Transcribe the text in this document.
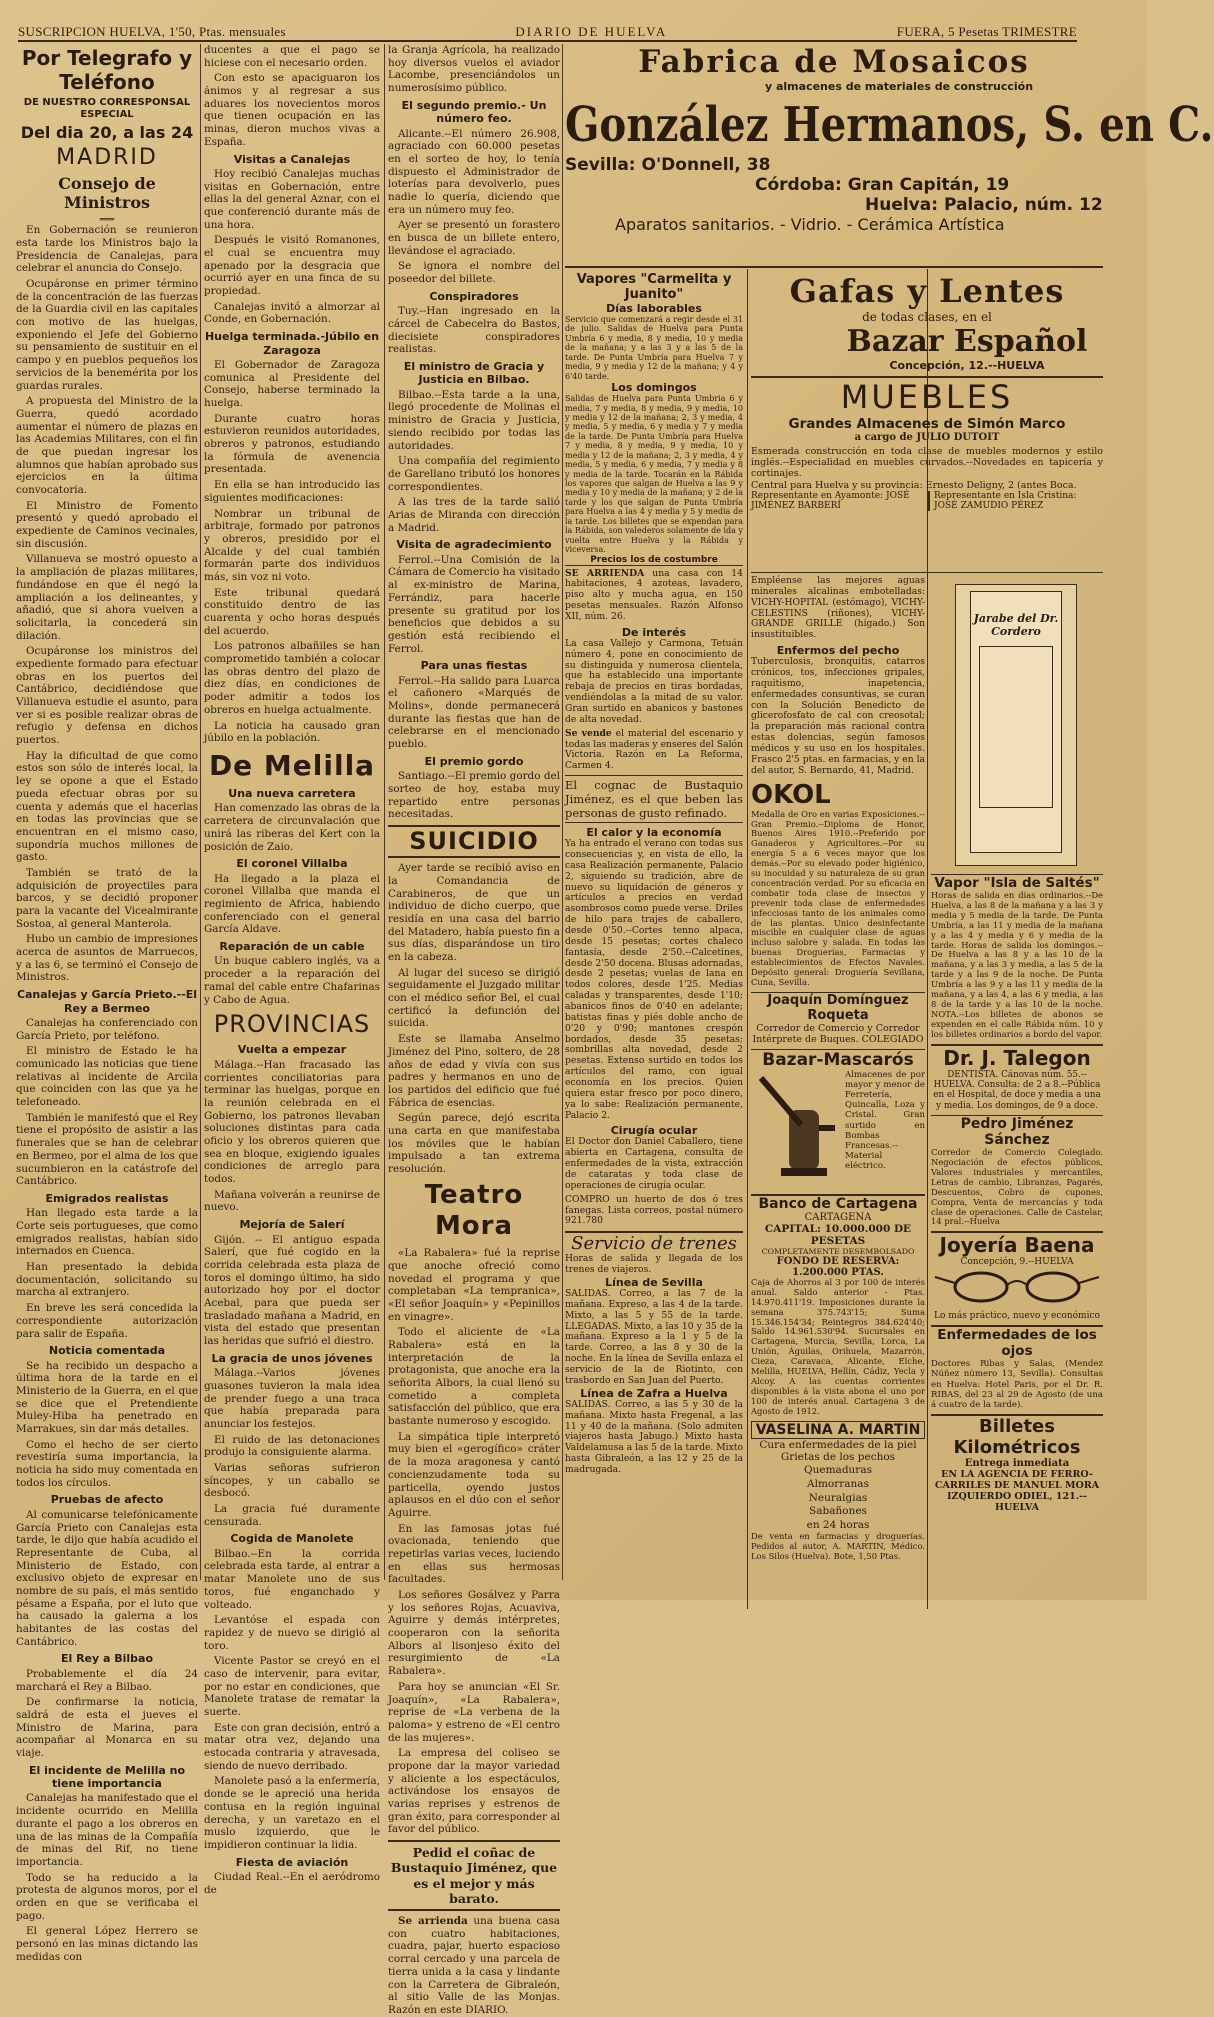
SUSCRIPCION HUELVA, 1'50, Ptas. mensuales	DIARIO DE HUELVA	FUERA, 5 Pesetas TRIMESTRE
Por Telegrafo y Teléfono
DE NUESTRO CORRESPONSAL ESPECIAL
Del dia 20, a las 24
MADRID
Consejo de Ministros
═══

En Gobernación se reunieron esta tarde los Ministros bajo la Presidencia de Canalejas, para celebrar el anuncia do Consejo.

Ocupáronse en primer término de la concentración de las fuerzas de la Guardia civil en las capitales con motivo de las huelgas, exponiendo el Jefe del Gobierno su pensamiento de sustituir en el campo y en pueblos pequeños los servicios de la benemérita por los guardas rurales.

A propuesta del Ministro de la Guerra, quedó acordado aumentar el número de plazas en las Academias Militares, con el fin de que puedan ingresar los alumnos que habían aprobado sus ejercicios en la última convocatoria.

El Ministro de Fomento presentó y quedó aprobado el expediente de Caminos vecinales, sin discusión.

Villanueva se mostró opuesto a la ampliación de plazas militares, fundándose en que él negó la ampliación a los delineantes, y añadió, que si ahora vuelven a solicitarla, la concederá sin dilación.

Ocupáronse los ministros del expediente formado para efectuar obras en los puertos del Cantábrico, decidiéndose que Villanueva estudie el asunto, para ver si es posible realizar obras de refugio y defensa en dichos puertos.

Hay la dificultad de que como estos son sólo de interés local, la ley se opone a que el Estado pueda efectuar obras por su cuenta y además que el hacerlas en todas las provincias que se encuentran en el mismo caso, supondría muchos millones de gasto.

También se trató de la adquisición de proyectiles para barcos, y se decidió proponer para la vacante del Vicealmirante Sostoa, al general Manterola.

Hubo un cambio de impresiones acerca de asuntos de Marruecos, y a las 6, se terminó el Consejo de Ministros.

Canalejas y García Prieto.--El Rey a Bermeo

Canalejas ha conferenciado con García Prieto, por teléfono.

El ministro de Estado le ha comunicado las noticias que tiene relativas al incidente de Arcila que coinciden con las que ya he telefoneado.

También le manifestó que el Rey tiene el propósito de asistir a las funerales que se han de celebrar en Bermeo, por el alma de los que sucumbieron en la catástrofe del Cantábrico.

Emigrados realistas

Han llegado esta tarde a la Corte seis portugueses, que como emigrados realistas, habían sido internados en Cuenca.

Han presentado la debida documentación, solicitando su marcha al extranjero.

En breve les será concedida la correspondiente autorización para salir de España.

Noticia comentada

Se ha recibido un despacho a última hora de la tarde en el Ministerio de la Guerra, en el que se dice que el Pretendiente Muley-Hiba ha penetrado en Marrakues, sin dar más detalles.

Como el hecho de ser cierto revestiría suma importancia, la noticia ha sido muy comentada en todos los círculos.

Pruebas de afecto

Al comunicarse telefónicamente García Prieto con Canalejas esta tarde, le dijo que había acudido el Representante de Cuba, al Ministerio de Estado, con exclusivo objeto de expresar en nombre de su país, el más sentido pésame a España, por el luto que ha causado la galerna a los habitantes de las costas del Cantábrico.

El Rey a Bilbao

Probablemente el día 24 marchará el Rey a Bilbao.

De confirmarse la noticia, saldrá de esta el jueves el Ministro de Marina, para acompañar al Monarca en su viaje.

El incidente de Melilla no tiene importancia

Canalejas ha manifestado que el incidente ocurrido en Melilla durante el pago a los obreros en una de las minas de la Compañía de minas del Rif, no tiene importancia.

Todo se ha reducido a la protesta de algunos moros, por el orden en que se verificaba el pago.

El general López Herrero se personó en las minas dictando las medidas con

ducentes a que el pago se hiciese con el necesario orden.

Con esto se apaciguaron los ánimos y al regresar a sus aduares los novecientos moros que tienen ocupación en las minas, dieron muchos vivas a España.

Visitas a Canalejas

Hoy recibió Canalejas muchas visitas en Gobernación, entre ellas la del general Aznar, con el que conferenció durante más de una hora.

Después le visitó Romanones, el cual se encuentra muy apenado por la desgracia que ocurrió ayer en una finca de su propiedad.

Canalejas invitó a almorzar al Conde, en Gobernación.

Huelga terminada.-Júbilo en Zaragoza

El Gobernador de Zaragoza comunica al Presidente del Consejo, haberse terminado la huelga.

Durante cuatro horas estuvieron reunidos autoridades, obreros y patronos, estudiando la fórmula de avenencia presentada.

En ella se han introducido las siguientes modificaciones:

Nombrar un tribunal de arbitraje, formado por patronos y obreros, presidido por el Alcalde y del cual también formarán parte dos individuos más, sin voz ni voto.

Este tribunal quedará constituido dentro de las cuarenta y ocho horas después del acuerdo.

Los patronos albañiles se han comprometido también a colocar las obras dentro del plazo de diez días, en condiciones de poder admitir a todos los obreros en huelga actualmente.

La noticia ha causado gran júbilo en la población.

De Melilla
Una nueva carretera

Han comenzado las obras de la carretera de circunvalación que unirá las riberas del Kert con la posición de Zaio.

El coronel Villalba

Ha llegado a la plaza el coronel Villalba que manda el regimiento de Africa, habiendo conferenciado con el general García Aldave.

Reparación de un cable

Un buque cablero inglés, va a proceder a la reparación del ramal del cable entre Chafarinas y Cabo de Agua.

PROVINCIAS
Vuelta a empezar

Málaga.--Han fracasado las corrientes conciliatorias para terminar las huelgas, porque en la reunión celebrada en el Gobierno, los patronos llevaban soluciones distintas para cada oficio y los obreros quieren que sea en bloque, exigiendo iguales condiciones de arreglo para todos.

Mañana volverán a reunirse de nuevo.

Mejoría de Salerí

Gijón. -- El antiguo espada Salerí, que fué cogido en la corrida celebrada esta plaza de toros el domingo último, ha sido autorizado hoy por el doctor Acebal, para que pueda ser trasladado mañana a Madrid, en vista del estado que presentan las heridas que sufrió el diestro.

La gracia de unos jóvenes

Málaga.--Varios jóvenes guasones tuvieron la mala idea de prender fuego a una traca que había preparada para anunciar los festejos.

El ruido de las detonaciones produjo la consiguiente alarma.

Varias señoras sufrieron síncopes, y un caballo se desbocó.

La gracia fué duramente censurada.

Cogida de Manolete

Bilbao.--En la corrida celebrada esta tarde, al entrar a matar Manolete uno de sus toros, fué enganchado y volteado.

Levantóse el espada con rapidez y de nuevo se dirigió al toro.

Vicente Pastor se creyó en el caso de intervenir, para evitar, por no estar en condiciones, que Manolete tratase de rematar la suerte.

Este con gran decisión, entró a matar otra vez, dejando una estocada contraria y atravesada, siendo de nuevo derribado.

Manolete pasó a la enfermería, donde se le apreció una herida contusa en la región inguinal derecha, y un varetazo en el muslo izquierdo, que le impidieron continuar la lidia.

Fiesta de aviación

Ciudad Real.--En el aeródromo de

la Granja Agrícola, ha realizado hoy diversos vuelos el aviador Lacombe, presenciándolos un numerosísimo público.

El segundo premio.- Un número feo.

Alicante.--El número 26.908, agraciado con 60.000 pesetas en el sorteo de hoy, lo tenía dispuesto el Administrador de loterías para devolverlo, pues nadie lo quería, diciendo que era un número muy feo.

Ayer se presentó un forastero en busca de un billete entero, llevándose el agraciado.

Se ignora el nombre del poseedor del billete.

Conspiradores

Tuy.--Han ingresado en la cárcel de Cabecelra do Bastos, diecisiete conspiradores realistas.

El ministro de Gracia y Justicia en Bilbao.

Bilbao.--Esta tarde a la una, llegó procedente de Molinas el ministro de Gracia y Justicia, siendo recibido por todas las autoridades.

Una compañía del regimiento de Garellano tributó los honores correspondientes.

A las tres de la tarde salió Arias de Miranda con dirección a Madrid.

Visita de agradecimiento

Ferrol.--Una Comisión de la Cámara de Comercio ha visitado al ex-ministro de Marina, Ferrándiz, para hacerle presente su gratitud por los beneficios que debidos a su gestión está recibiendo el Ferrol.

Para unas fiestas

Ferrol.--Ha salido para Luarca el cañonero «Marqués de Molins», donde permanecerá durante las fiestas que han de celebrarse en el mencionado pueblo.

El premio gordo

Santiago.--El premio gordo del sorteo de hoy, estaba muy repartido entre personas necesitadas.

SUICIDIO

Ayer tarde se recibió aviso en la Comandancia de Carabineros, de que un individuo de dicho cuerpo, que residía en una casa del barrio del Matadero, había puesto fin a sus días, disparándose un tiro en la cabeza.

Al lugar del suceso se dirigió seguidamente el Juzgado militar con el médico señor Bel, el cual certificó la defunción del suicida.

Este se llamaba Anselmo Jiménez del Pino, soltero, de 28 años de edad y vivía con sus padres y hermanos en uno de los partidos del edificio que fué Fábrica de esencias.

Según parece, dejó escrita una carta en que manifestaba los móviles que le habían impulsado a tan extrema resolución.

Teatro Mora

«La Rabalera» fué la reprise que anoche ofreció como novedad el programa y que completaban «La tempranica», «El señor Joaquín» y «Pepinillos en vinagre».

Todo el aliciente de «La Rabalera» está en la interpretación de la protagonista, que anoche era la señorita Albors, la cual llenó su cometido a completa satisfacción del público, que era bastante numeroso y escogido.

La simpática tiple interpretó muy bien el «gerogífico» cráter de la moza aragonesa y cantó concienzudamente toda su particella, oyendo justos aplausos en el dúo con el señor Aguirre.

En las famosas jotas fué ovacionada, teniendo que repetirlas varias veces, luciendo en ellas sus hermosas facultades.

Los señores Gosálvez y Parra y los señores Rojas, Acuaviva, Aguirre y demás intérpretes, cooperaron con la señorita Albors al lisonjeso éxito del resurgimiento de «La Rabalera».

Para hoy se anuncian «El Sr. Joaquín», «La Rabalera», reprise de «La verbena de la paloma» y estreno de «El centro de las mujeres».

La empresa del coliseo se propone dar la mayor variedad y aliciente a los espectáculos, activándose los ensayos de varias reprises y estrenos de gran éxito, para corresponder al favor del público.

Pedid el coñac de Bustaquio Jiménez, que es el mejor y más barato.

Se arrienda una buena casa con cuatro habitaciones, cuadra, pajar, huerto espacioso corral cercado y una parcela de tierra unida a la casa y lindante con la Carretera de Gibraleón, al sitio Valle de las Monjas. Razón en este DIARIO.

Fabrica de Mosaicos
y almacenes de materiales de construcción
González Hermanos, S. en C.
Sevilla: O'Donnell, 38
Córdoba: Gran Capitán, 19
Huelva: Palacio, núm. 12
Aparatos sanitarios. - Vidrio. - Cerámica Artística
Vapores "Carmelita y Juanito"
Días laborables
Servicio que comenzará a regir desde el 31 de julio. Salidas de Huelva para Punta Umbría 6 y media, 8 y media, 10 y media de la mañana; y a las 3 y a las 5 de la tarde. De Punta Umbría para Huelva 7 y media, 9 y media y 12 de la mañana; y 4 y 6'40 tarde.
Los domingos
Salidas de Huelva para Punta Umbria 6 y media, 7 y media, 8 y media, 9 y media, 10 y media y 12 de la mañana; 2, 3 y media, 4 y media, 5 y media, 6 y media y 7 y media de la tarde. De Punta Umbría para Huelva 7 y media, 8 y media, 9 y media, 10 y media y 12 de la mañana; 2, 3 y media, 4 y media, 5 y media, 6 y media, 7 y media y 8 y media de la tarde. Tocarán en la Rábida los vapores que salgan de Huelva a las 9 y media y 10 y media de la mañana; y 2 de la tarde y los que salgan de Punta Umbría para Huelva a las 4 y media y 5 y media de la tarde. Los billetes que se expendan para la Rábida, son valederos solamente de ida y vuelta entre Huelva y la Rábida y viceversa.
Precios los de costumbre
SE ARRIENDA una casa con 14 habitaciones, 4 azoteas, lavadero, piso alto y mucha agua, en 150 pesetas mensuales. Razón Alfonso XII, núm. 26.
De interés
La casa Vallejo y Carmona, Tetuán número 4, pone en conocimiento de su distinguida y numerosa clientela, que ha establecido una importante rebaja de precios en tiras bordadas, vendiéndolas a la mitad de su valor. Gran surtido en abanicos y bastones de alta novedad.
Se vende el material del escenario y todas las maderas y enseres del Salón Victoria. Razón en La Reforma, Carmen 4.
El cognac de Bustaquio Jiménez, es el que beben las personas de gusto refinado.
El calor y la economía
Ya ha entrado el verano con todas sus consecuencias y, en vista de ello, la casa Realización permanente, Palacio 2, siguiendo su tradición, abre de nuevo su liquidación de géneros y artículos a precios en verdad asombrosos como puede verse. Driles de hilo para trajes de caballero, desde 0'50.--Cortes tenno alpaca, desde 15 pesetas; cortes chaleco fantasía, desde 2'50.--Calcetines, desde 2'50 docena. Blusas adornadas, desde 2 pesetas; vuelas de lana en todos colores, desde 1'25. Medias caladas y transparentes, desde 1'10; abanicos finos de 0'40 en adelante; batistas finas y piés doble ancho de 0'20 y 0'90; mantones crespón bordados, desde 35 pesetas; sombrillas alta novedad, desde 2 pesetas. Extenso surtido en todos los artículos del ramo, con igual economía en los precios. Quien quiera estar fresco por poco dinero, ya lo sabe: Realización permanente, Palacio 2.
Cirugía ocular
El Doctor don Daniel Caballero, tiene abierta en Cartagena, consulta de enfermedades de la vista, extracción de cataratas y toda clase de operaciones de cirugía ocular.
COMPRO un huerto de dos ó tres fanegas. Lista correos, postal número 921.780
Servicio de trenes
Horas de salida y llegada de los trenes de viajeros.
Línea de Sevilla
SALIDAS. Correo, a las 7 de la mañana. Expreso, a las 4 de la tarde. Mixto, a las 5 y 55 de la tarde. LLEGADAS. Mixto, a las 10 y 35 de la mañana. Expreso a la 1 y 5 de la tarde. Correo, a las 8 y 30 de la noche. En la línea de Sevilla enlaza el servicio de la de Riotinto, con trasbordo en San Juan del Puerto.
Línea de Zafra a Huelva
SALIDAS. Correo, a las 5 y 30 de la mañana. Mixto hasta Fregenal, a las 11 y 40 de la mañana. (Solo admiten viajeros hasta Jabugo.) Mixto hasta Valdelamusa a las 5 de la tarde. Mixto hasta Gibraleón, a las 12 y 25 de la madrugada.
Gafas y Lentes
de todas clases, en el
Bazar Español
Concepción, 12.--HUELVA
MUEBLES
Grandes Almacenes de Simón Marco
a cargo de JULIO DUTOIT
Esmerada construcción en toda clase de muebles modernos y estilo inglés.--Especialidad en muebles curvados.--Novedades en tapicería y cortinajes.
Central para Huelva y su provincia: Ernesto Deligny, 2 (antes Boca.
Representante en Ayamonte: JOSÉ JIMÉNEZ BARBERÍ
Representante en Isla Cristina: JOSÉ ZAMUDIO PÉREZ
Empléense las mejores aguas minerales alcalinas embotelladas: VICHY-HOPITAL (estómago), VICHY-CELESTINS (riñones), VICHY-GRANDE GRILLE (hígado.) Son insustituibles.
Enfermos del pecho
Tuberculosis, bronquitis, catarros crónicos, tos, infecciones gripales, raquitismo, inapetencia, enfermedades consuntivas, se curan con la Solución Benedicto de glicerofosfato de cal con creosotal; la preparación más racional contra estas dolencias, según famosos médicos y su uso en los hospitales. Frasco 2'5 ptas. en farmacias, y en la del autor, S. Bernardo, 41, Madrid.
OKOL
Medalla de Oro en varias Exposiciones.--Gran Premio.--Diploma de Honor, Buenos Aires 1910.--Preferido por Ganaderos y Agricultores.--Por su energía 5 a 6 veces mayor que los demás.--Por su elevado poder higiénico, su inocuidad y su naturaleza de su gran concentración verdad. Por su eficacia en combatir toda clase de insectos y prevenir toda clase de enfermedades infecciosas tanto de los animales como de las plantas. Unico desinfectante miscible en cualquier clase de aguas incluso salobre y salada. En todas las buenas Droguerías, Farmacias y establecimientos de Efectos Navales. Depósito general: Droguería Sevillana, Cuna, Sevilla.
Joaquín Domínguez Roqueta
Corredor de Comercio y Corredor Intérprete de Buques. COLEGIADO
Bazar-Mascarós
Almacenes de por mayor y menor de Ferretería, Quincalla, Loza y Cristal. Gran surtido en Bombas Francesas.--Material eléctrico.
Banco de Cartagena
CARTAGENA
CAPITAL: 10.000.000 DE PESETAS
COMPLETAMENTE DESEMBOLSADO
FONDO DE RESERVA: 1.200.000 PTAS.
Caja de Ahorros al 3 por 100 de interés anual. Saldo anterior - Ptas. 14.970.411'19. Imposiciones durante la semana 375.743'15; Suma 15.346.154'34; Reintegros 384.624'40; Saldo 14.961.530'94. Sucursales en Cartagena, Murcia, Sevilla, Lorca, La Unión, Águilas, Orihuela, Mazarrón, Cieza, Caravaca, Alicante, Elche, Melilla, HUELVA, Hellín, Cádiz, Yecla y Alcoy. A las cuentas corrientes disponibles á la vista abona el uno por 100 de interés anual. Cartagena 3 de Agosto de 1912.
VASELINA A. MARTIN
Cura enfermedades de la piel
Grietas de los pechos
Quemaduras
Almorranas
Neuralgias
Sabañones
en 24 horas
De venta en farmacias y droguerías. Pedidos al autor, A. MARTIN, Médico. Los Silos (Huelva). Bote, 1,50 Ptas.
Jarabe del Dr. Cordero
Vapor "Isla de Saltés"
Horas de salida en días ordinarios.--De Huelva, a las 8 de la mañana y a las 3 y media y 5 media de la tarde. De Punta Umbría, a las 11 y media de la mañana y a las 4 y media y 6 y media de la tarde. Horas de salida los domingos.--De Huelva a las 8 y a las 10 de la mañana, y a las 3 y media, a las 5 de la tarde y a las 9 de la noche. De Punta Umbría a las 9 y a las 11 y media de la mañana, y a las 4, a las 6 y media, a las 8 de la tarde y a las 10 de la noche. NOTA.--Los billetes de abonos se expenden en el calle Rábida núm. 10 y los billetes ordinarios a bordo del vapor.
Dr. J. Talegon
DENTISTA. Cánovas núm. 55.--HUELVA. Consulta: de 2 a 8.--Pública en el Hospital, de doce y media a una y media. Los domingos, de 9 a doce.
Pedro Jiménez Sánchez
Corredor de Comercio Colegiado. Negociación de efectos públicos, Valores industriales y mercantiles, Letras de cambio, Libranzas, Pagarés, Descuentos, Cobro de cupones, Compra, Venta de mercancías y toda clase de operaciones. Calle de Castelar, 14 pral.--Huelva
Joyería Baena
Concepción, 9.--HUELVA
Lo más práctico, nuevo y económico
Enfermedades de los ojos
Doctores Ribas y Salas, (Mendez Núñez número 13, Sevilla). Consultas en Huelva: Hotel Paris, por el Dr. R. RIBAS, del 23 al 29 de Agosto (de una á cuatro de la tarde).
Billetes Kilométricos
Entrega inmediata
EN LA AGENCIA DE FERRO-CARRILES DE MANUEL MORA IZQUIERDO ODIEL, 121.--HUELVA
